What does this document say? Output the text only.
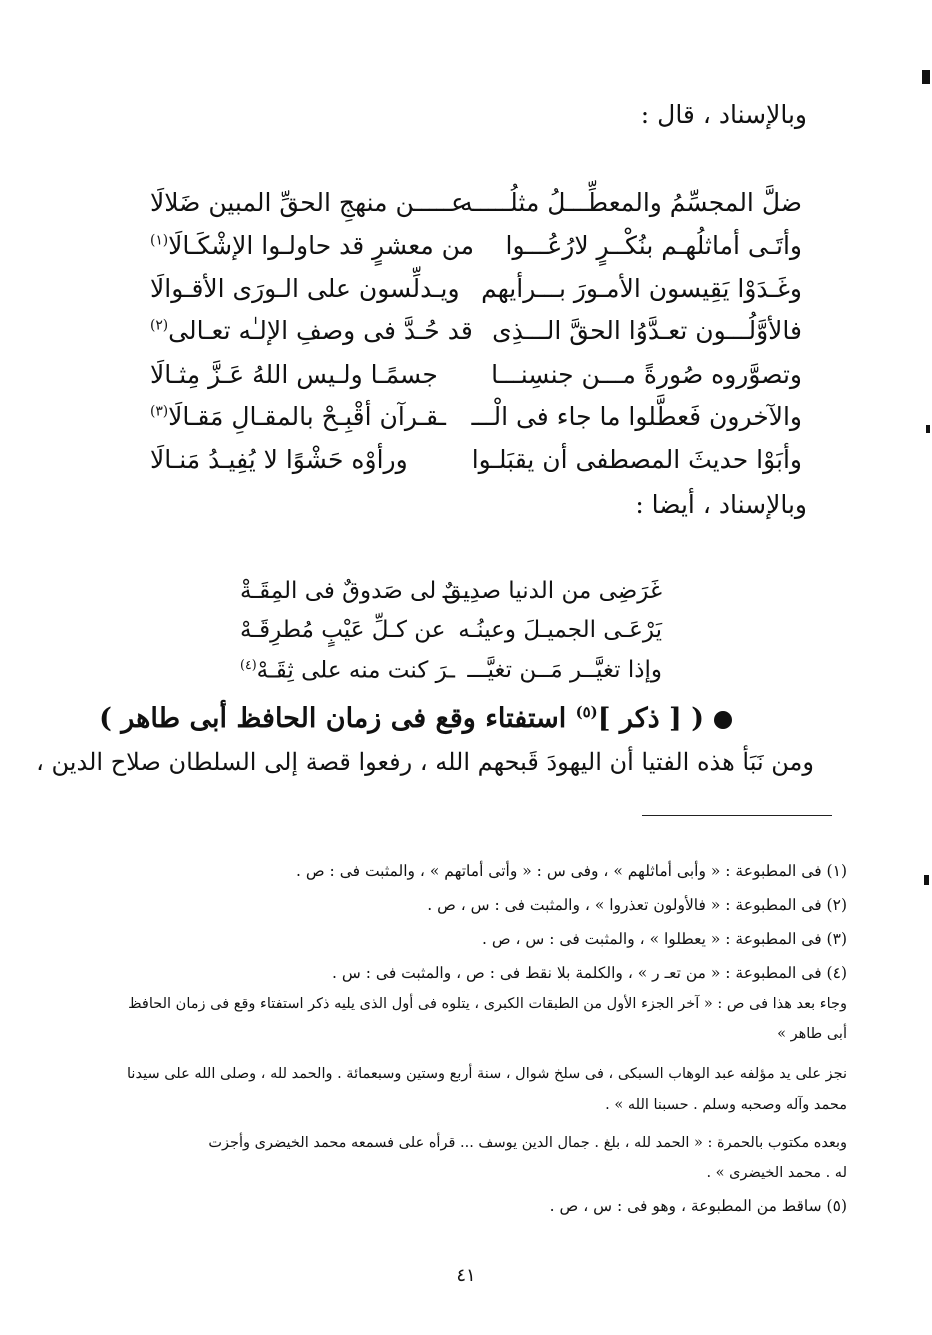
وبالإسناد ، قال :
ضلَّ المجسِّمُ والمعطِّـــلُ مثلُـــــه
عـــــن منهجِ الحقِّ المبين ضَلالَا
وأتَـى أماثلُهـم بنُكْــرٍ لارُعُـــوا
من معشرٍ قد حاولـوا الإشْكَـالَا$^{(١)}$
وغَـدَوْا يَقِيسون الأمـورَ بـــرأيهم
ويـدلِّسون على الـورَى الأقـوالَا
فالأوَّلُـــون تعـدَّوُا الحقَّ الـــذِى
قد حُـدَّ فى وصفِ الإلـٰه تعـالى$^{(٢)}$
وتصوَّروه صُورةً مـــن جنسِنـــا
جسمًـا ولـيس اللهُ عَـزَّ مِثـالَا
والآخرون فَعطَّلوا ما جاء فى الْـــ
ـقـرآن أقْبِـحْ بالمقـالِ مَقـالَا$^{(٣)}$
وأبَوْا حديثَ المصطفى أن يقبَلـوا
ورأوْه حَشْوًا لا يُفِيـدُ مَنـالَا
وبالإسناد ، أيضا :
غَرَضِى من الدنيا صدِيـــ
ـقٌ لى صَدوقٌ فى المِقَـةْ
يَرْعَـى الجميـلَ وعينُـه
عن كـلِّ عَيْبٍ مُطرِقَـهْ
وإذا تغيَّــر مَــن تغيَّـــ
ـرَ كنت منه على ثِقَـهْ$^{(٤)}$
( [ ذكر ]$^{(٥)}$ استفتاء وقع فى زمان الحافظ أبى طاهر )
ومن نَبَأ هذه الفتيا أن اليهودَ قَبحهم الله ، رفعوا قصة إلى السلطان صلاح الدين ،
(١) فى المطبوعة : « وأبى أماثلهم » ، وفى س : « وأتى أماتهم » ، والمثبت فى : ص .
(٢) فى المطبوعة : « فالأولون تعذروا » ، والمثبت فى : س ، ص .
(٣) فى المطبوعة : « يعطلوا » ، والمثبت فى : س ، ص .
(٤) فى المطبوعة : « من تعـ ر » ، والكلمة بلا نقط فى : ص ، والمثبت فى : س .
وجاء بعد هذا فى ص : « آخر الجزء الأول من الطبقات الكبرى ، يتلوه فى أول الذى يليه ذكر استفتاء وقع فى زمان الحافظ
أبى طاهر »
نجز على يد مؤلفه عبد الوهاب السبكى ، فى سلخ شوال ، سنة أربع وستين وسبعمائة . والحمد لله ، وصلى الله على سيدنا
محمد وآله وصحبه وسلم . حسبنا الله » .
وبعده مكتوب بالحمرة : « الحمد لله ، بلغ . جمال الدين يوسف ... قرأه على فسمعه محمد الخيضرى وأجزت
له . محمد الخيضرى » .
(٥) ساقط من المطبوعة ، وهو فى : س ، ص .
٤١
